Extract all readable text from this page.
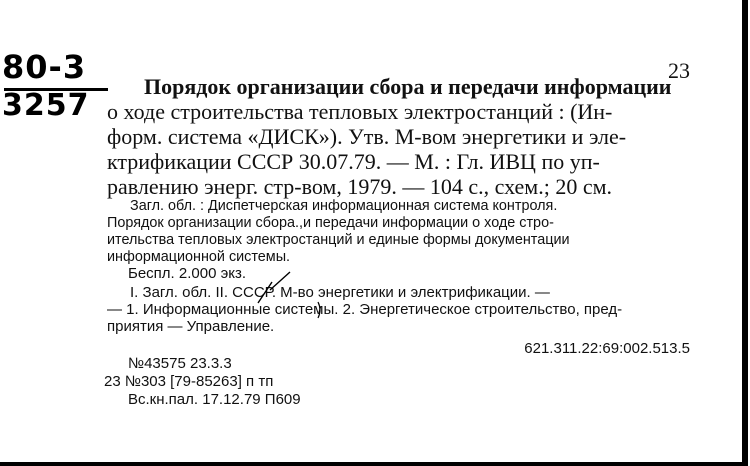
80-3
3257
23
Порядок организации сбора и передачи информации
о ходе строительства тепловых электростанций : (Ин-
форм. система «ДИСК»). Утв. М-вом энергетики и эле-
ктрификации СССР 30.07.79. — М. : Гл. ИВЦ по уп-
равлению энерг. стр-вом, 1979. — 104 с., схем.; 20 см.
Загл. обл. : Диспетчерская информационная система контроля.
Порядок организации сбора.,и передачи информации о ходе стро-
ительства тепловых электростанций и единые формы документации
информационной системы.
Беспл. 2.000 экз.
I. Загл. обл. II. СССР. М-во энергетики и электрификации. —
— 1. Информационные системы. 2. Энергетическое строительство, пред-
приятия — Управление.
621.311.22:69:002.513.5
№43575 23.3.3
23 №303 [79-85263] п тп
Вс.кн.пал. 17.12.79 П609
